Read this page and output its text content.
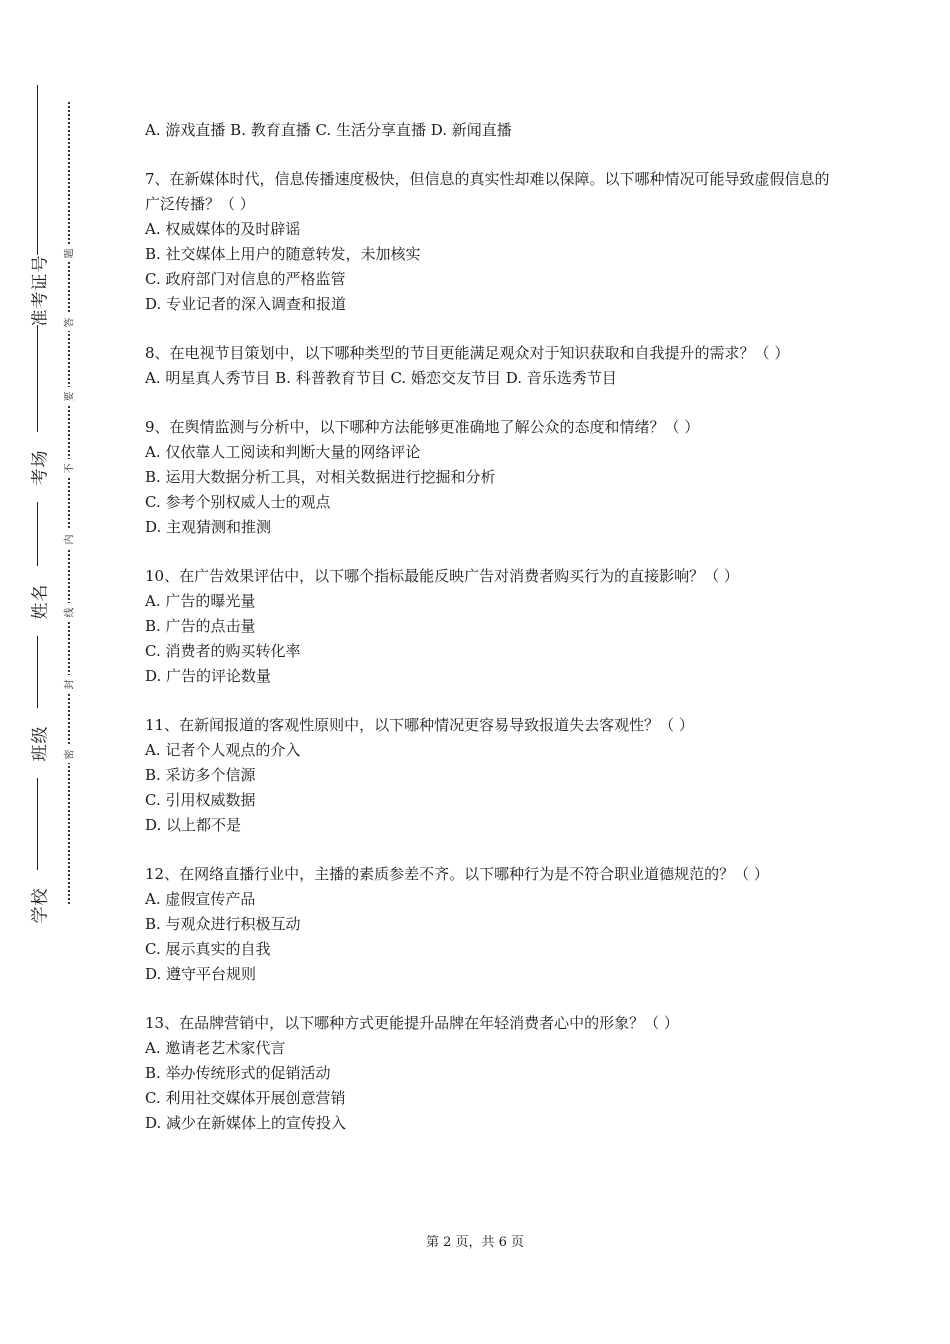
准考证号
考场
姓名
班级
学校
题
答
要
不
内
线
封
密

A. 游戏直播 B. 教育直播 C. 生活分享直播 D. 新闻直播

7、在新媒体时代，信息传播速度极快，但信息的真实性却难以保障。以下哪种情况可能导致虚假信息的广泛传播？（ ）

A. 权威媒体的及时辟谣

B. 社交媒体上用户的随意转发，未加核实

C. 政府部门对信息的严格监管

D. 专业记者的深入调查和报道

8、在电视节目策划中，以下哪种类型的节目更能满足观众对于知识获取和自我提升的需求？（ ）

A. 明星真人秀节目 B. 科普教育节目 C. 婚恋交友节目 D. 音乐选秀节目

9、在舆情监测与分析中，以下哪种方法能够更准确地了解公众的态度和情绪？（ ）

A. 仅依靠人工阅读和判断大量的网络评论

B. 运用大数据分析工具，对相关数据进行挖掘和分析

C. 参考个别权威人士的观点

D. 主观猜测和推测

10、在广告效果评估中，以下哪个指标最能反映广告对消费者购买行为的直接影响？（ ）

A. 广告的曝光量

B. 广告的点击量

C. 消费者的购买转化率

D. 广告的评论数量

11、在新闻报道的客观性原则中，以下哪种情况更容易导致报道失去客观性？（ ）

A. 记者个人观点的介入

B. 采访多个信源

C. 引用权威数据

D. 以上都不是

12、在网络直播行业中，主播的素质参差不齐。以下哪种行为是不符合职业道德规范的？（ ）

A. 虚假宣传产品

B. 与观众进行积极互动

C. 展示真实的自我

D. 遵守平台规则

13、在品牌营销中，以下哪种方式更能提升品牌在年轻消费者心中的形象？（ ）

A. 邀请老艺术家代言

B. 举办传统形式的促销活动

C. 利用社交媒体开展创意营销

D. 减少在新媒体上的宣传投入

第 2 页，共 6 页
